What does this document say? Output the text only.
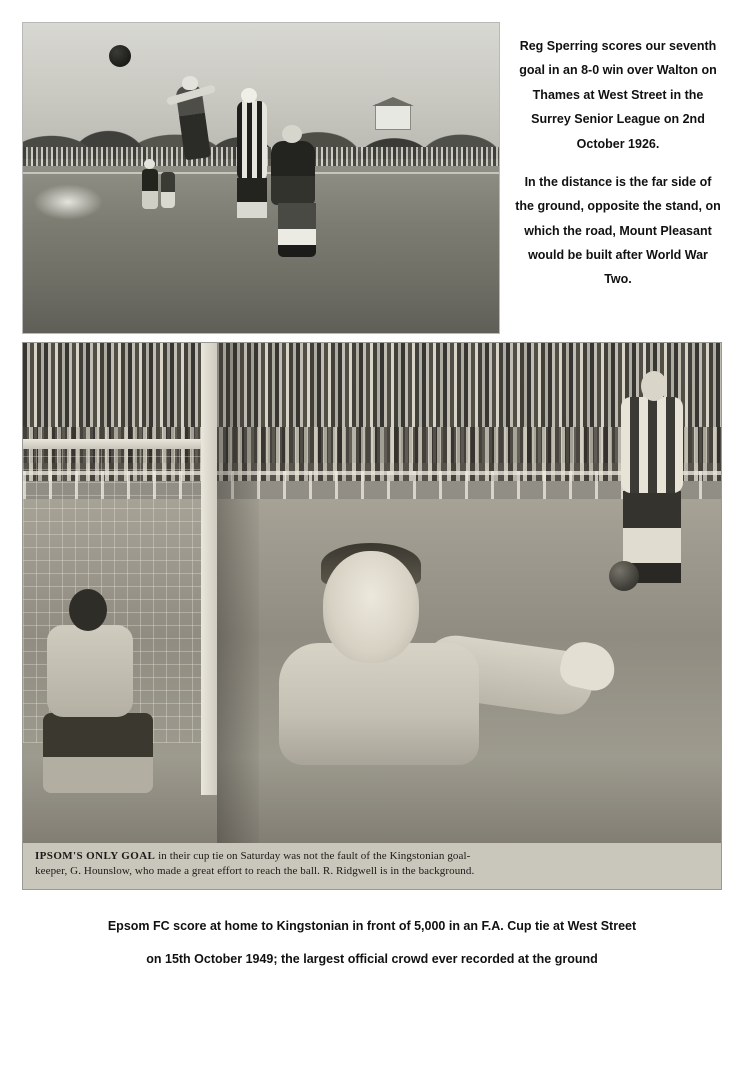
Reg Sperring scores our seventh goal in an 8-0 win over Walton on Thames at West Street in the Surrey Senior League on 2nd October 1926.

In the distance is the far side of the ground, opposite the stand, on which the road, Mount Pleasant would be built after World War Two.

IPSOM'S ONLY GOAL in their cup tie on Saturday was not the fault of the Kingstonian goal-
keeper, G. Hounslow, who made a great effort to reach the ball. R. Ridgwell is in the background.

Epsom FC score at home to Kingstonian in front of 5,000 in an F.A. Cup tie at West Street

on 15th October 1949; the largest official crowd ever recorded at the ground
